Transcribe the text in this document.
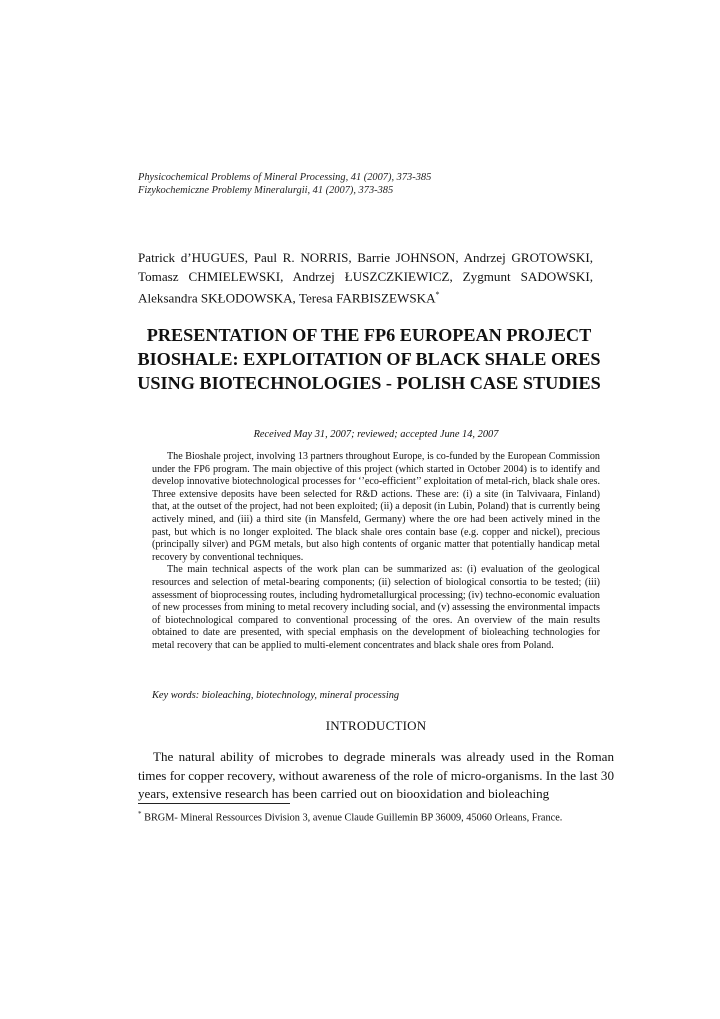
Physicochemical Problems of Mineral Processing, 41 (2007), 373-385
Fizykochemiczne Problemy Mineralurgii, 41 (2007), 373-385
Patrick d’HUGUES, Paul R. NORRIS, Barrie JOHNSON, Andrzej GROTOWSKI, Tomasz CHMIELEWSKI, Andrzej ŁUSZCZKIEWICZ, Zygmunt SADOWSKI, Aleksandra SKŁODOWSKA, Teresa FARBISZEWSKA*
PRESENTATION OF THE FP6 EUROPEAN PROJECT BIOSHALE: EXPLOITATION OF BLACK SHALE ORES USING BIOTECHNOLOGIES - POLISH CASE STUDIES
Received May 31, 2007; reviewed; accepted June 14, 2007

The Bioshale project, involving 13 partners throughout Europe, is co-funded by the European Commission under the FP6 program. The main objective of this project (which started in October 2004) is to identify and develop innovative biotechnological processes for ‘’eco-efficient’’ exploitation of metal-rich, black shale ores. Three extensive deposits have been selected for R&D actions. These are: (i) a site (in Talvivaara, Finland) that, at the outset of the project, had not been exploited; (ii) a deposit (in Lubin, Poland) that is currently being actively mined, and (iii) a third site (in Mansfeld, Germany) where the ore had been actively mined in the past, but which is no longer exploited. The black shale ores contain base (e.g. copper and nickel), precious (principally silver) and PGM metals, but also high contents of organic matter that potentially handicap metal recovery by conventional techniques.

The main technical aspects of the work plan can be summarized as: (i) evaluation of the geological resources and selection of metal-bearing components; (ii) selection of biological consortia to be tested; (iii) assessment of bioprocessing routes, including hydrometallurgical processing; (iv) techno-economic evaluation of new processes from mining to metal recovery including social, and (v) assessing the environmental impacts of biotechnological compared to conventional processing of the ores. An overview of the main results obtained to date are presented, with special emphasis on the development of bioleaching technologies for metal recovery that can be applied to multi-element concentrates and black shale ores from Poland.

Key words: bioleaching, biotechnology, mineral processing
INTRODUCTION

The natural ability of microbes to degrade minerals was already used in the Roman times for copper recovery, without awareness of the role of micro-organisms. In the last 30 years, extensive research has been carried out on biooxidation and bioleaching

* BRGM- Mineral Ressources Division 3, avenue Claude Guillemin BP 36009, 45060 Orleans, France.
